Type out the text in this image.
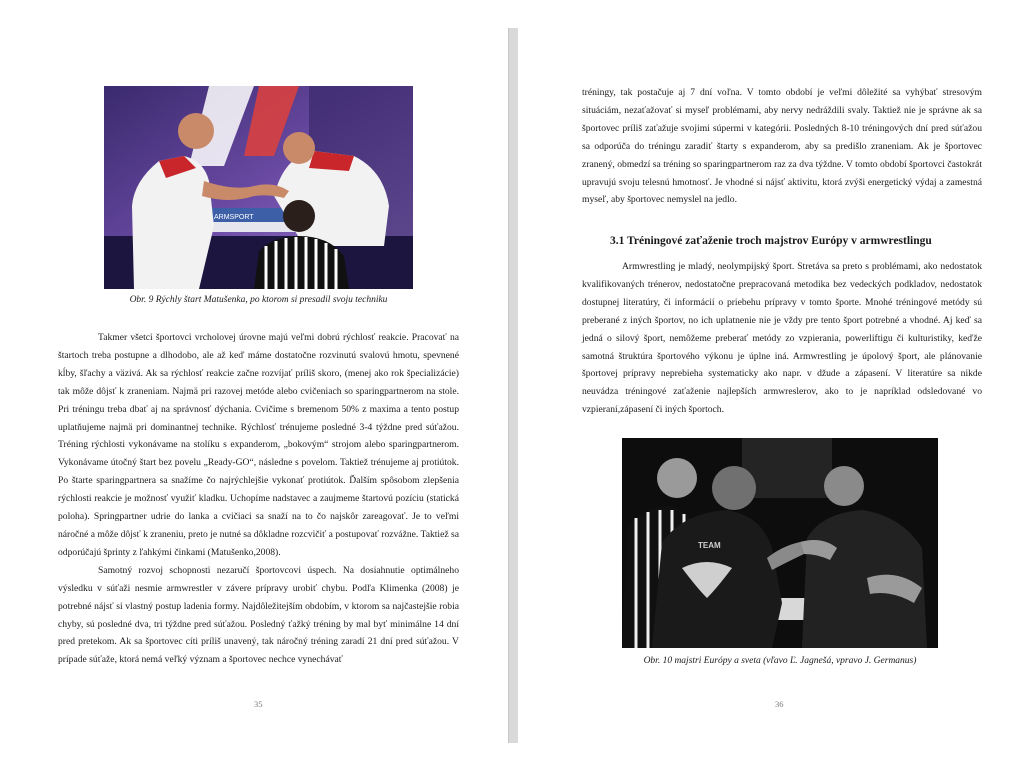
ARMSPORT
Obr. 9 Rýchly štart Matušenka, po ktorom si presadil svoju techniku

Takmer všetci športovci vrcholovej úrovne majú veľmi dobrú rýchlosť reakcie. Pracovať na štartoch treba postupne a dlhodobo, ale až keď máme dostatočne rozvinutú svalovú hmotu, spevnené kĺby, šľachy a väzivá. Ak sa rýchlosť reakcie začne rozvíjať príliš skoro, (menej ako rok špecializácie) tak môže dôjsť k zraneniam. Najmä pri razovej metóde alebo cvičeniach so sparingpartnerom na stole. Pri tréningu treba dbať aj na správnosť dýchania. Cvičime s bremenom 50% z maxima a tento postup uplatňujeme najmä pri dominantnej technike. Rýchlosť trénujeme posledné 3-4 týždne pred súťažou. Tréning rýchlosti vykonávame na stolíku s expanderom, „bokovým“ strojom alebo sparingpartnerom. Vykonávame útočný štart bez povelu „Ready-GO“, následne s povelom. Taktiež trénujeme aj protiútok. Po štarte sparingpartnera sa snažíme čo najrýchlejšie vykonať protiútok. Ďalším spôsobom zlepšenia rýchlosti reakcie je možnosť využiť kladku. Uchopíme nadstavec a zaujmeme štartovú pozíciu (statická poloha). Springpartner udrie do lanka a cvičiaci sa snaží na to čo najskôr zareagovať. Je to veľmi náročné a môže dôjsť k zraneniu, preto je nutné sa dôkladne rozcvičiť a postupovať rozvážne. Taktiež sa odporúčajú šprinty z ľahkými činkami (Matušenko,2008).

Samotný rozvoj schopnosti nezaručí športovcovi úspech. Na dosiahnutie optimálneho výsledku v súťaži nesmie armwrestler v závere prípravy urobiť chybu. Podľa Klimenka (2008) je potrebné nájsť si vlastný postup ladenia formy. Najdôležitejším obdobím, v ktorom sa najčastejšie robia chyby, sú posledné dva, tri týždne pred súťažou. Posledný ťažký tréning by mal byť minimálne 14 dní pred pretekom. Ak sa športovec cíti príliš unavený, tak náročný tréning zaradí 21 dní pred súťažou. V prípade súťaže, ktorá nemá veľký význam a športovec nechce vynechávať

35

tréningy, tak postačuje aj 7 dní voľna. V tomto období je veľmi dôležité sa vyhýbať stresovým situáciám, nezaťažovať si myseľ problémami, aby nervy nedráždili svaly. Taktiež nie je správne ak sa športovec príliš zaťažuje svojimi súpermi v kategórii. Posledných 8-10 tréningových dní pred súťažou sa odporúča do tréningu zaradiť štarty s expanderom, aby sa predišlo zraneniam. Ak je športovec zranený, obmedzí sa tréning so sparingpartnerom raz za dva týždne. V tomto období športovci častokrát upravujú svoju telesnú hmotnosť. Je vhodné si nájsť aktivitu, ktorá zvýši energetický výdaj a zamestná myseľ, aby športovec nemyslel na jedlo.

3.1 Tréningové zaťaženie troch majstrov Európy v armwrestlingu

Armwrestling je mladý, neolympijský šport. Stretáva sa preto s problémami, ako nedostatok kvalifikovaných trénerov, nedostatočne prepracovaná metodika bez vedeckých podkladov, nedostatok dostupnej literatúry, či informácií o priebehu prípravy v tomto športe. Mnohé tréningové metódy sú preberané z iných športov, no ich uplatnenie nie je vždy pre tento šport potrebné a vhodné. Aj keď sa jedná o silový šport, nemôžeme preberať metódy zo vzpierania, powerliftigu či kulturistiky, keďže samotná štruktúra športového výkonu je úplne iná. Armwrestling je úpolový šport, ale plánovanie športovej prípravy neprebieha systematicky ako napr. v džude a zápasení. V literatúre sa nikde neuvádza tréningové zaťaženie najlepších armwreslerov, ako to je napríklad odsledované vo vzpieraní,zápasení či iných športoch.

TEAM
Obr. 10 majstri Európy a sveta (vľavo Ľ. Jagnešá, vpravo J. Germanus)
36
